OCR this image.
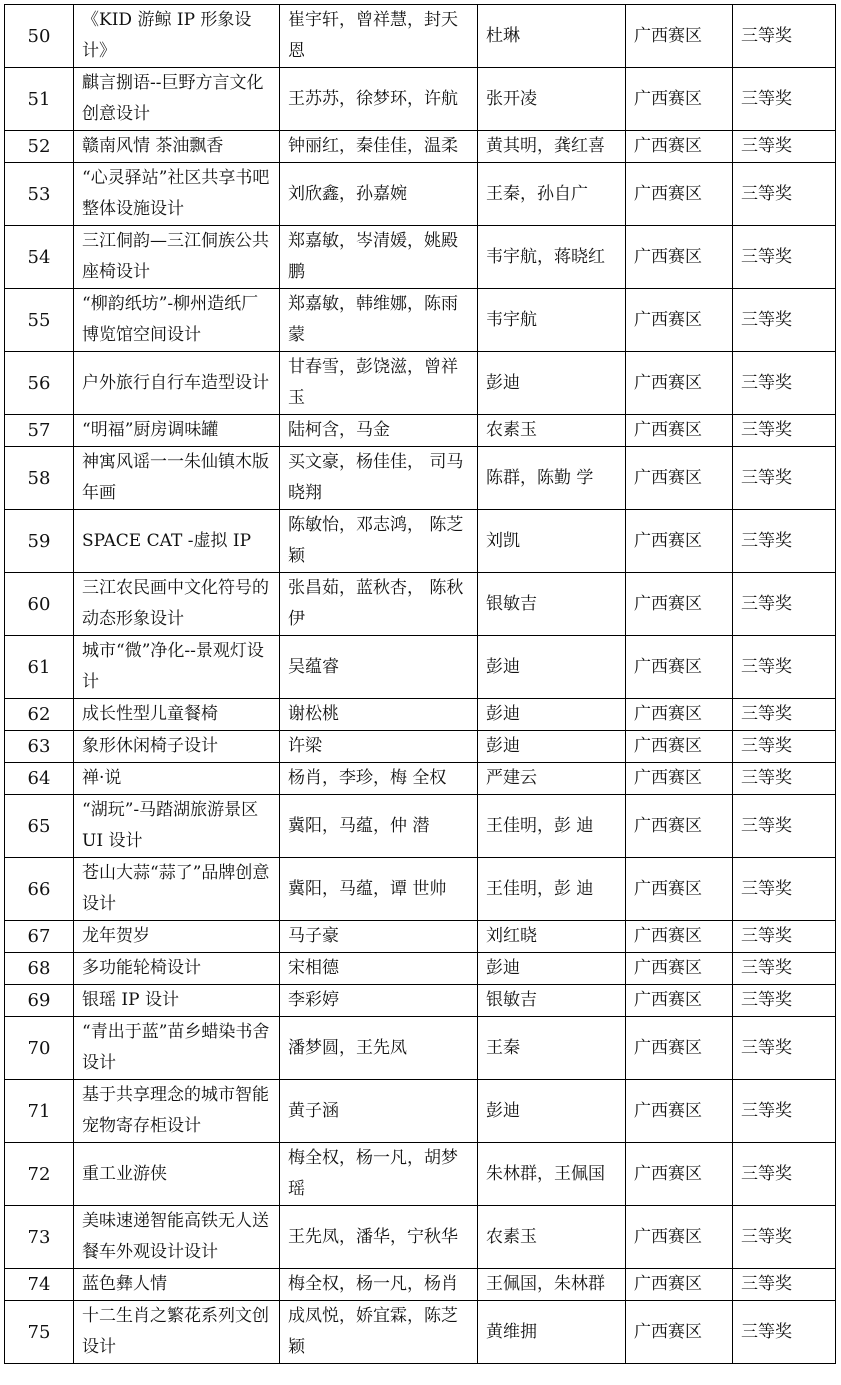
50	《KID 游鲸 IP 形象设计》	崔宇轩，曾祥慧，封天恩	杜琳	广西赛区	三等奖
51	麒言捌语--巨野方言文化创意设计	王苏苏，徐梦环，许航	张开凌	广西赛区	三等奖
52	赣南风情 茶油飘香	钟丽红，秦佳佳，温柔	黄其明，龚红喜	广西赛区	三等奖
53	“心灵驿站”社区共享书吧整体设施设计	刘欣鑫，孙嘉婉	王秦，孙自广	广西赛区	三等奖
54	三江侗韵—三江侗族公共座椅设计	郑嘉敏，岑清媛，姚殿鹏	韦宇航，蒋晓红	广西赛区	三等奖
55	“柳韵纸坊”-柳州造纸厂博览馆空间设计	郑嘉敏，韩维娜，陈雨蒙	韦宇航	广西赛区	三等奖
56	户外旅行自行车造型设计	甘春雪，彭饶滋，曾祥玉	彭迪	广西赛区	三等奖
57	“明福”厨房调味罐	陆柯含，马金	农素玉	广西赛区	三等奖
58	神寓风谣一一朱仙镇木版 年画	买文豪，杨佳佳， 司马晓翔	陈群，陈勤 学	广西赛区	三等奖
59	SPACE CAT -虚拟 IP	陈敏怡，邓志鸿， 陈芝颖	刘凯	广西赛区	三等奖
60	三江农民画中文化符号的 动态形象设计	张昌茹，蓝秋杏， 陈秋伊	银敏吉	广西赛区	三等奖
61	城市“微”净化--景观灯设计	吴蕴睿	彭迪	广西赛区	三等奖
62	成长性型儿童餐椅	谢松桃	彭迪	广西赛区	三等奖
63	象形休闲椅子设计	许梁	彭迪	广西赛区	三等奖
64	禅·说	杨肖，李珍，梅 全权	严建云	广西赛区	三等奖
65	“湖玩”-马踏湖旅游景区 UI 设计	冀阳，马蕴，仲 潜	王佳明，彭 迪	广西赛区	三等奖
66	苍山大蒜“蒜了”品牌创意 设计	冀阳，马蕴，谭 世帅	王佳明，彭 迪	广西赛区	三等奖
67	龙年贺岁	马子豪	刘红晓	广西赛区	三等奖
68	多功能轮椅设计	宋相德	彭迪	广西赛区	三等奖
69	银瑶 IP 设计	李彩婷	银敏吉	广西赛区	三等奖
70	“青出于蓝”苗乡蜡染书舍设计	潘梦圆，王先凤	王秦	广西赛区	三等奖
71	基于共享理念的城市智能宠物寄存柜设计	黄子涵	彭迪	广西赛区	三等奖
72	重工业游侠	梅全权，杨一凡，胡梦瑶	朱林群，王佩国	广西赛区	三等奖
73	美味速递智能高铁无人送餐车外观设计设计	王先凤，潘华，宁秋华	农素玉	广西赛区	三等奖
74	蓝色彝人情	梅全权，杨一凡，杨肖	王佩国，朱林群	广西赛区	三等奖
75	十二生肖之繁花系列文创设计	成凤悦，娇宜霖，陈芝颖	黄维拥	广西赛区	三等奖
